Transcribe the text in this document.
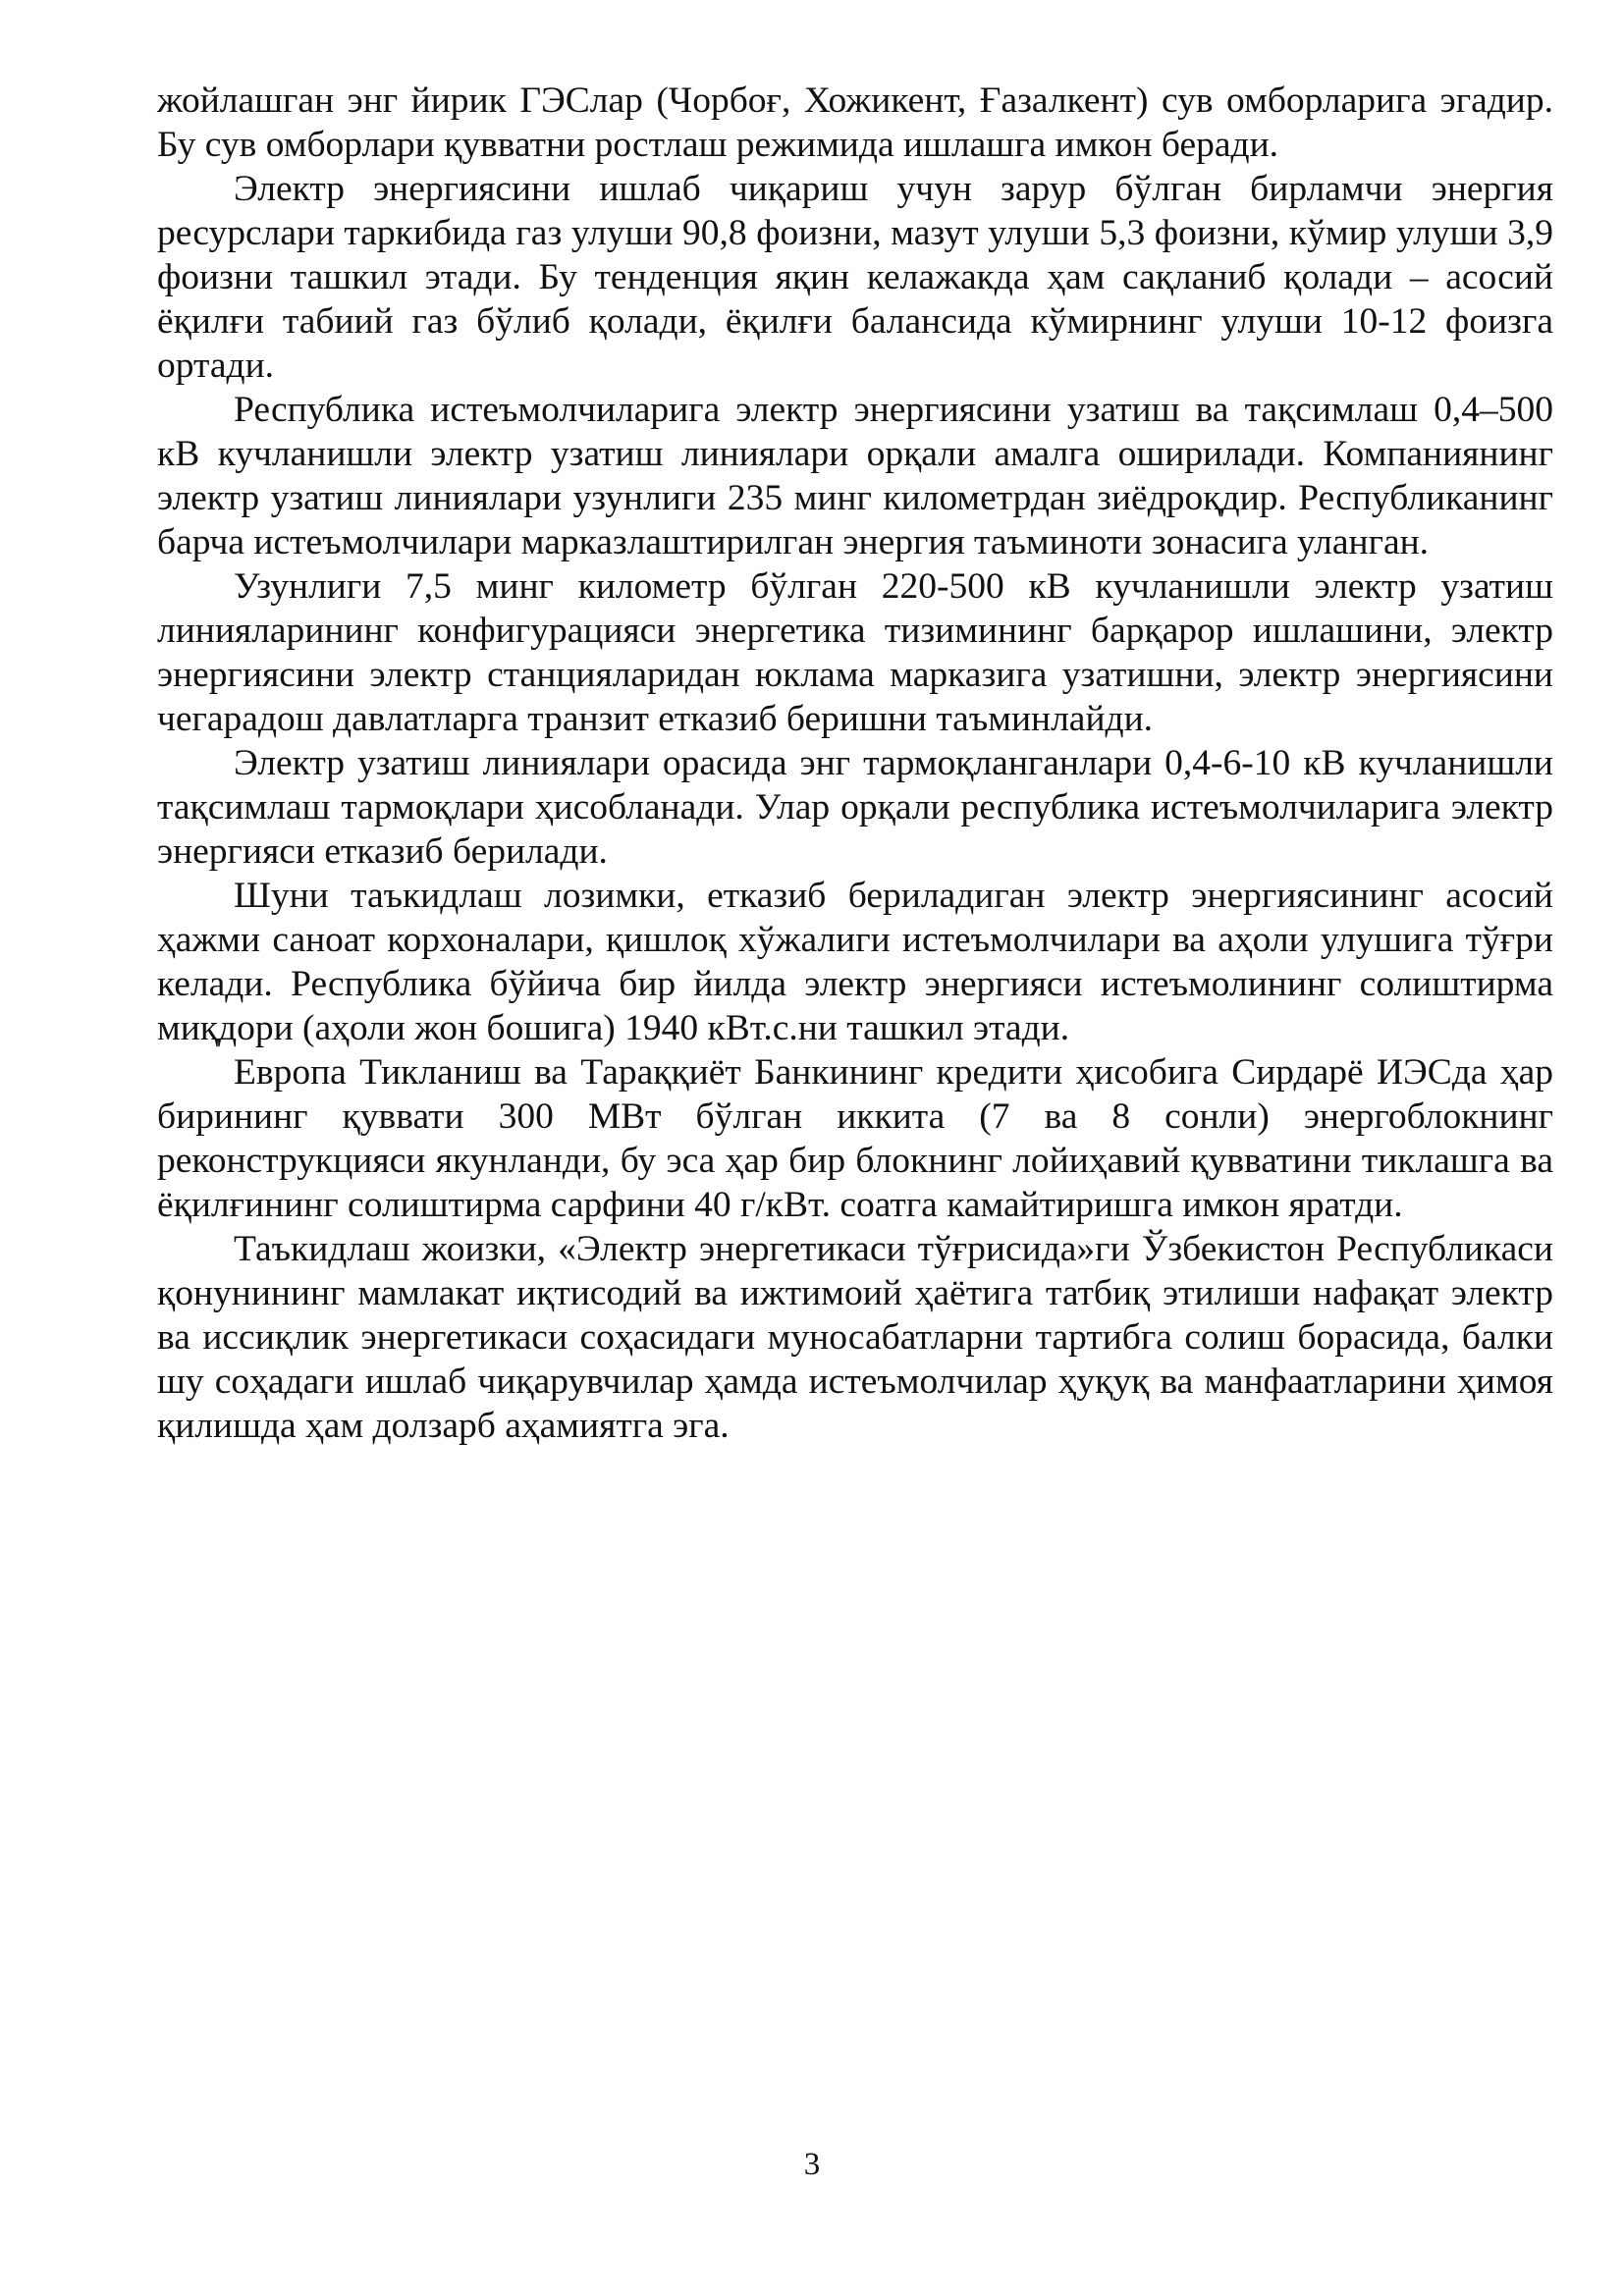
жойлашган энг йирик ГЭСлар (Чорбоғ, Хожикент, Ғазалкент) сув омборларига эгадир. Бу сув омборлари қувватни ростлаш режимида ишлашга имкон беради.

Электр энергиясини ишлаб чиқариш учун зарур бўлган бирламчи энергия ресурслари таркибида газ улуши 90,8 фоизни, мазут улуши 5,3 фоизни, кўмир улуши 3,9 фоизни ташкил этади. Бу тенденция яқин келажакда ҳам сақланиб қолади – асосий ёқилғи табиий газ бўлиб қолади, ёқилғи балансида кўмирнинг улуши 10-12 фоизга ортади.

Республика истеъмолчиларига электр энергиясини узатиш ва тақсимлаш 0,4–500 кВ кучланишли электр узатиш линиялари орқали амалга оширилади. Компаниянинг электр узатиш линиялари узунлиги 235 минг километрдан зиёдроқдир. Республиканинг барча истеъмолчилари марказлаштирилган энергия таъминоти зонасига уланган.

Узунлиги 7,5 минг километр бўлган 220-500 кВ кучланишли электр узатиш линияларининг конфигурацияси энергетика тизимининг барқарор ишлашини, электр энергиясини электр станцияларидан юклама марказига узатишни, электр энергиясини чегарадош давлатларга транзит етказиб беришни таъминлайди.

Электр узатиш линиялари орасида энг тармоқланганлари 0,4-6-10 кВ кучланишли тақсимлаш тармоқлари ҳисобланади. Улар орқали республика истеъмолчиларига электр энергияси етказиб берилади.

Шуни таъкидлаш лозимки, етказиб бериладиган электр энергиясининг асосий ҳажми саноат корхоналари, қишлоқ хўжалиги истеъмолчилари ва аҳоли улушига тўғри келади. Республика бўйича бир йилда электр энергияси истеъмолининг солиштирма миқдори (аҳоли жон бошига) 1940 кВт.с.ни ташкил этади.

Европа Тикланиш ва Тараққиёт Банкининг кредити ҳисобига Сирдарё ИЭСда ҳар бирининг қуввати 300 МВт бўлган иккита (7 ва 8 сонли) энергоблокнинг реконструкцияси якунланди, бу эса ҳар бир блокнинг лойиҳавий қувватини тиклашга ва ёқилғининг солиштирма сарфини 40 г/кВт. соатга камайтиришга имкон яратди.

Таъкидлаш жоизки, «Электр энергетикаси тўғрисида»ги Ўзбекистон Республикаси қонунининг мамлакат иқтисодий ва ижтимоий ҳаётига татбиқ этилиши нафақат электр ва иссиқлик энергетикаси соҳасидаги муносабатларни тартибга солиш борасида, балки шу соҳадаги ишлаб чиқарувчилар ҳамда истеъмолчилар ҳуқуқ ва манфаатларини ҳимоя қилишда ҳам долзарб аҳамиятга эга.

3
